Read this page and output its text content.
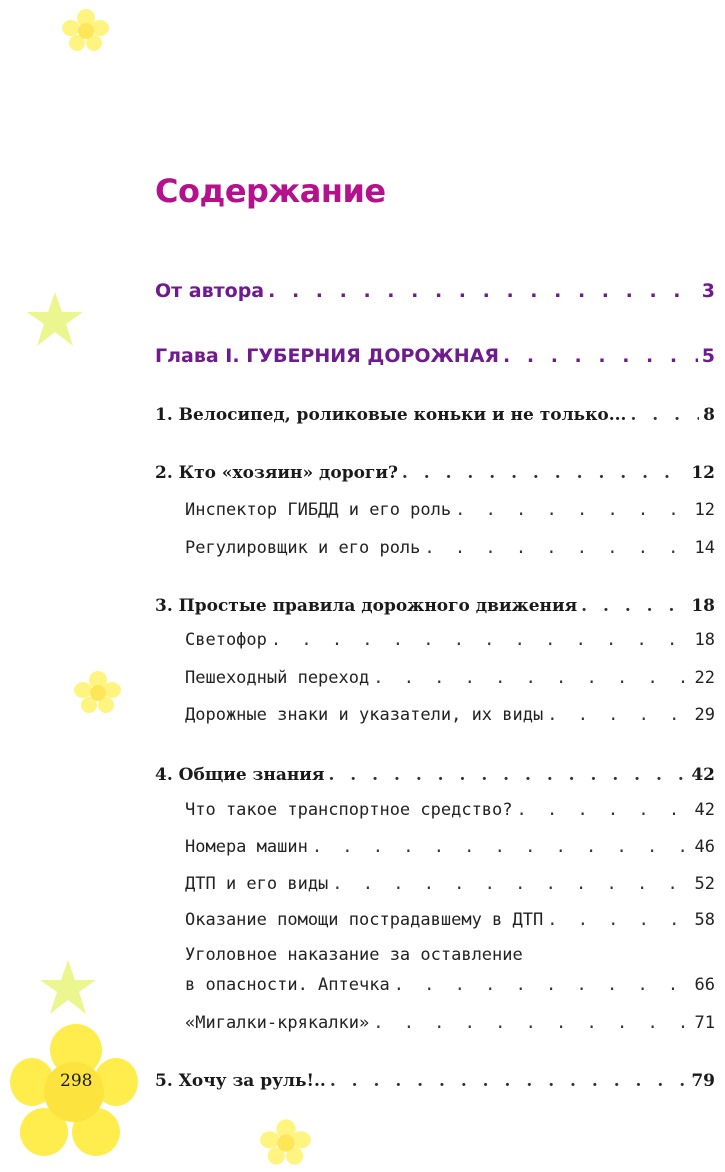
Содержание
От автора . . .	3
Глава I. ГУБЕРНИЯ ДОРОЖНАЯ . . .	5
1. Велосипед, роликовые коньки и не только... . . .	8
2. Кто «хозяин» дороги? . . .	12
Инспектор ГИБДД и его роль . . .	12
Регулировщик и его роль . . .	14
3. Простые правила дорожного движения . . .	18
Светофор . . .	18
Пешеходный переход . . .	22
Дорожные знаки и указатели, их виды . . .	29
4. Общие знания . . .	42
Что такое транспортное средство? . . .	42
Номера машин . . .	46
ДТП и его виды . . .	52
Оказание помощи пострадавшему в ДТП . . .	58
Уголовное наказание за оставление
в опасности. Аптечка . . .	66
«Мигалки-крякалки» . . .	71
5. Хочу за руль!.. . . .	79
298
